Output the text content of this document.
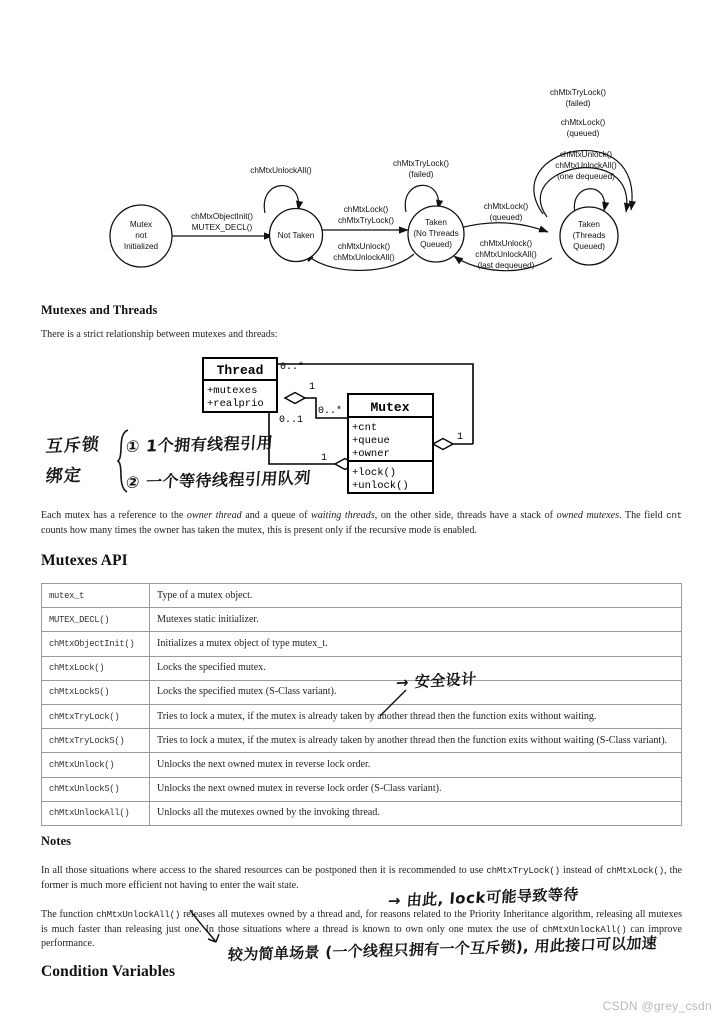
Mutex
not
Initialized
Not Taken
Taken
(No Threads
Queued)
Taken
(Threads
Queued)
chMtxObjectInit()
MUTEX_DECL()
chMtxUnlockAll()
chMtxLock()
chMtxTryLock()
chMtxUnlock()
chMtxUnlockAll()
chMtxTryLock()
(failed)
chMtxLock()
(queued)
chMtxUnlock()
chMtxUnlockAll()
(last dequeued)
chMtxTryLock()
(failed)
chMtxLock()
(queued)
chMtxUnlock()
chMtxUnlockAll()
(one dequeued)
Mutexes and Threads
There is a strict relationship between mutexes and threads:
Thread
+mutexes
+realprio	Mutex
+cnt
+queue
+owner
+lock()
+unlock()
0..*
1
0..*
0..1
1
1
互斥锁
绑定
① 1个拥有线程引用
② 一个等待线程引用队列
Each mutex has a reference to the owner thread and a queue of waiting threads, on the other side, threads have a stack of owned mutexes. The field cnt counts how many times the owner has taken the mutex, this is present only if the recursive mode is enabled.
Mutexes API
mutex_t	Type of a mutex object.
MUTEX_DECL()	Mutexes static initializer.
chMtxObjectInit()	Initializes a mutex object of type mutex_t.
chMtxLock()	Locks the specified mutex.
chMtxLockS()	Locks the specified mutex (S-Class variant).
chMtxTryLock()	Tries to lock a mutex, if the mutex is already taken by another thread then the function exits without waiting.
chMtxTryLockS()	Tries to lock a mutex, if the mutex is already taken by another thread then the function exits without waiting (S-Class variant).
chMtxUnlock()	Unlocks the next owned mutex in reverse lock order.
chMtxUnlockS()	Unlocks the next owned mutex in reverse lock order (S-Class variant).
chMtxUnlockAll()	Unlocks all the mutexes owned by the invoking thread.
→ 安全设计
Notes
In all those situations where access to the shared resources can be postponed then it is recommended to use chMtxTryLock() instead of chMtxLock(), the former is much more efficient not having to enter the wait state.
→ 由此, lock可能导致等待
The function chMtxUnlockAll() releases all mutexes owned by a thread and, for reasons related to the Priority Inheritance algorithm, releasing all mutexes is much faster than releasing just one. In those situations where a thread is known to own only one mutex the use of chMtxUnlockAll() can improve performance.	较为简单场景 (一个线程只拥有一个互斥锁), 用此接口可以加速
Condition Variables
CSDN @grey_csdn
